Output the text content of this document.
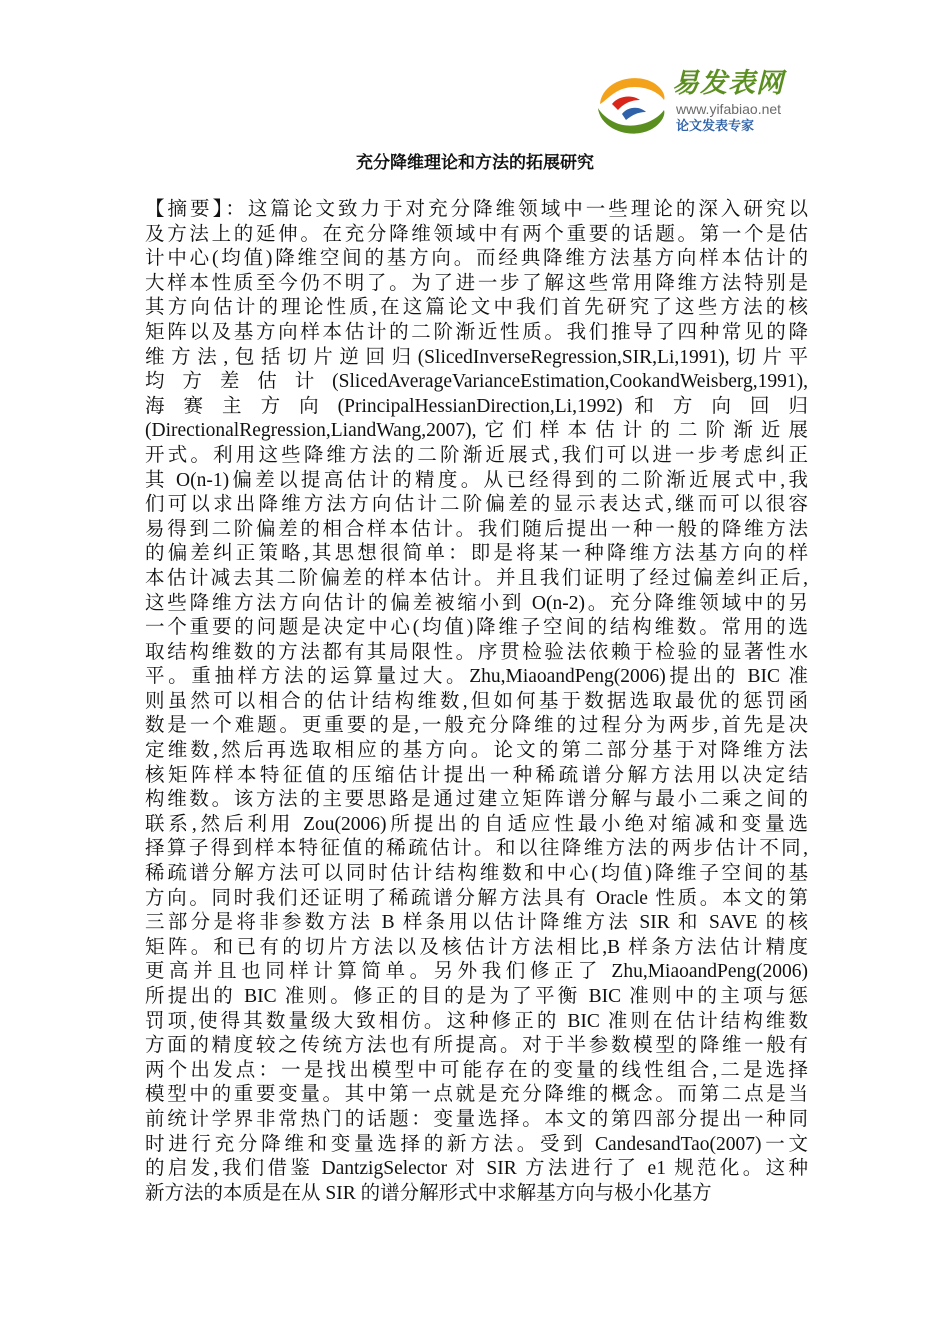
易发表网
www.yifabiao.net
论文发表专家
充分降维理论和方法的拓展研究
【摘要】：这篇论文致力于对充分降维领域中一些理论的深入研究以
及方法上的延伸。在充分降维领域中有两个重要的话题。第一个是估
计中心(均值)降维空间的基方向。而经典降维方法基方向样本估计的
大样本性质至今仍不明了。为了进一步了解这些常用降维方法特别是
其方向估计的理论性质,在这篇论文中我们首先研究了这些方法的核
矩阵以及基方向样本估计的二阶渐近性质。我们推导了四种常见的降
维方法,包括切片逆回归(SlicedInverseRegression,SIR,Li,1991),切片平
均方差估计(SlicedAverageVarianceEstimation,CookandWeisberg,1991),
海 赛 主 方 向 (PrincipalHessianDirection,Li,1992) 和 方 向 回 归
(DirectionalRegression,LiandWang,2007),它们样本估计的二阶渐近展
开式。利用这些降维方法的二阶渐近展式,我们可以进一步考虑纠正
其 O(n-1)偏差以提高估计的精度。从已经得到的二阶渐近展式中,我
们可以求出降维方法方向估计二阶偏差的显示表达式,继而可以很容
易得到二阶偏差的相合样本估计。我们随后提出一种一般的降维方法
的偏差纠正策略,其思想很简单：即是将某一种降维方法基方向的样
本估计减去其二阶偏差的样本估计。并且我们证明了经过偏差纠正后,
这些降维方法方向估计的偏差被缩小到 O(n-2)。充分降维领域中的另
一个重要的问题是决定中心(均值)降维子空间的结构维数。常用的选
取结构维数的方法都有其局限性。序贯检验法依赖于检验的显著性水
平。重抽样方法的运算量过大。Zhu,MiaoandPeng(2006)提出的 BIC 准
则虽然可以相合的估计结构维数,但如何基于数据选取最优的惩罚函
数是一个难题。更重要的是,一般充分降维的过程分为两步,首先是决
定维数,然后再选取相应的基方向。论文的第二部分基于对降维方法
核矩阵样本特征值的压缩估计提出一种稀疏谱分解方法用以决定结
构维数。该方法的主要思路是通过建立矩阵谱分解与最小二乘之间的
联系,然后利用 Zou(2006)所提出的自适应性最小绝对缩减和变量选
择算子得到样本特征值的稀疏估计。和以往降维方法的两步估计不同,
稀疏谱分解方法可以同时估计结构维数和中心(均值)降维子空间的基
方向。同时我们还证明了稀疏谱分解方法具有 Oracle 性质。本文的第
三部分是将非参数方法 B 样条用以估计降维方法 SIR 和 SAVE 的核
矩阵。和已有的切片方法以及核估计方法相比,B 样条方法估计精度
更高并且也同样计算简单。另外我们修正了 Zhu,MiaoandPeng(2006)
所提出的 BIC 准则。修正的目的是为了平衡 BIC 准则中的主项与惩
罚项,使得其数量级大致相仿。这种修正的 BIC 准则在估计结构维数
方面的精度较之传统方法也有所提高。对于半参数模型的降维一般有
两个出发点：一是找出模型中可能存在的变量的线性组合,二是选择
模型中的重要变量。其中第一点就是充分降维的概念。而第二点是当
前统计学界非常热门的话题：变量选择。本文的第四部分提出一种同
时进行充分降维和变量选择的新方法。受到 CandesandTao(2007)一文
的启发,我们借鉴 DantzigSelector 对 SIR 方法进行了 e1 规范化。这种
新方法的本质是在从 SIR 的谱分解形式中求解基方向与极小化基方
